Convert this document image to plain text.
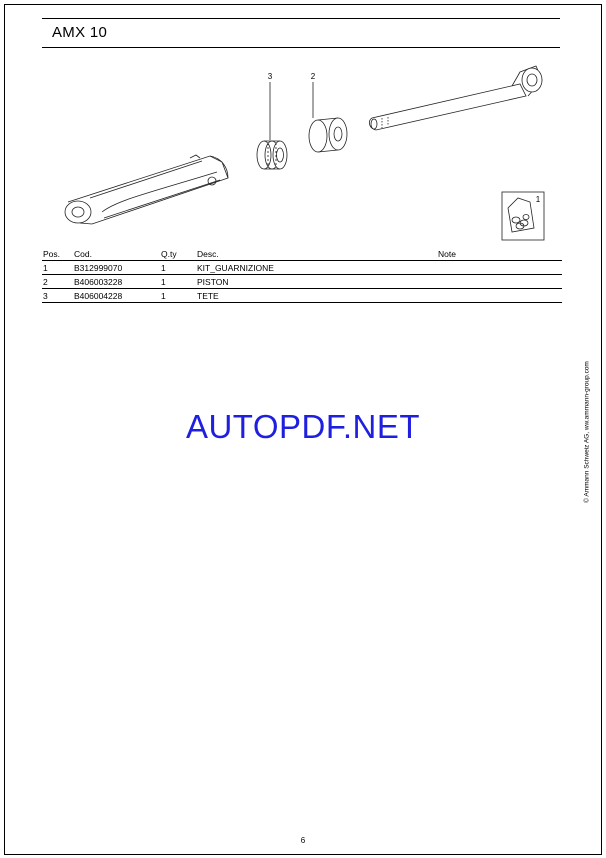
AMX 10
3	2
1
Pos.	Cod.	Q.ty	Desc.	Note
1	B312999070	1	KIT_GUARNIZIONE	
2	B406003228	1	PISTON	
3	B406004228	1	TETE	
AUTOPDF.NET	© Ammann Schweiz AG, ww.ammann-group.com
6
